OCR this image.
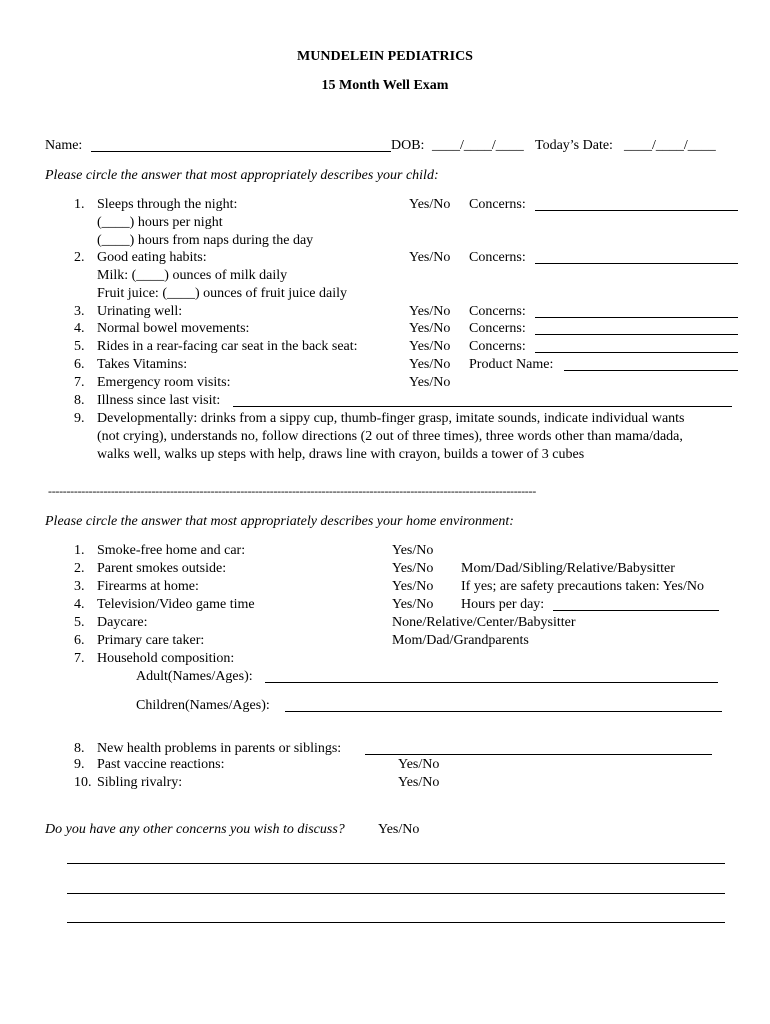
MUNDELEIN PEDIATRICS
15 Month Well Exam
Name:	DOB: ____/____/____ Today’s Date: ____/____/____
Please circle the answer that most appropriately describes your child:
1. Sleeps through the night:	Yes/No Concerns:
(____) hours per night
(____) hours from naps during the day
2. Good eating habits:	Yes/No Concerns:
Milk: (____) ounces of milk daily
Fruit juice: (____) ounces of fruit juice daily
3. Urinating well:	Yes/No Concerns:
4. Normal bowel movements:	Yes/No Concerns:
5. Rides in a rear-facing car seat in the back seat:	Yes/No Concerns:
6. Takes Vitamins:	Yes/No Product Name:
7. Emergency room visits:	Yes/No
8. Illness since last visit:
9. Developmentally: drinks from a sippy cup, thumb-finger grasp, imitate sounds, indicate individual wants
(not crying), understands no, follow directions (2 out of three times), three words other than mama/dada,
walks well, walks up steps with help, draws line with crayon, builds a tower of 3 cubes
------------------------------------------------------------------------------------------------------------------------------------
Please circle the answer that most appropriately describes your home environment:
1. Smoke-free home and car:	Yes/No
2. Parent smokes outside:	Yes/No Mom/Dad/Sibling/Relative/Babysitter
3. Firearms at home:	Yes/No If yes; are safety precautions taken: Yes/No
4. Television/Video game time	Yes/No Hours per day:
5. Daycare:	None/Relative/Center/Babysitter
6. Primary care taker:	Mom/Dad/Grandparents
7. Household composition:
Adult(Names/Ages):
Children(Names/Ages):
8. New health problems in parents or siblings:
9. Past vaccine reactions:	Yes/No
10. Sibling rivalry:	Yes/No
Do you have any other concerns you wish to discuss? Yes/No
